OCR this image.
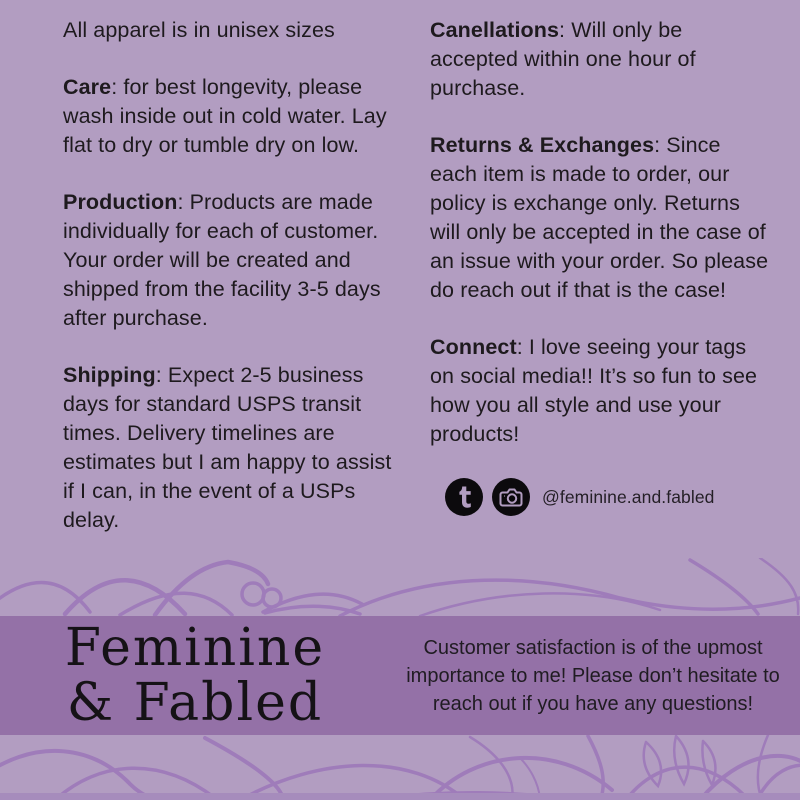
All apparel is in unisex sizes

Care: for best longevity, please wash inside out in cold water. Lay flat to dry or tumble dry on low.

Production: Products are made individually for each of customer. Your order will be created and shipped from the facility 3-5 days after purchase.

Shipping: Expect 2-5 business days for standard USPS transit times. Delivery timelines are estimates but I am happy to assist if I can, in the event of a USPs delay.

Canellations: Will only be accepted within one hour of purchase.

Returns & Exchanges: Since each item is made to order, our policy is exchange only. Returns will only be accepted in the case of an issue with your order. So please do reach out if that is the case!

Connect: I love seeing your tags on social media!! It’s so fun to see how you all style and use your products!

@feminine.and.fabled
Feminine
& Fabled
Customer satisfaction is of the upmost importance to me! Please don’t hesitate to reach out if you have any questions!
